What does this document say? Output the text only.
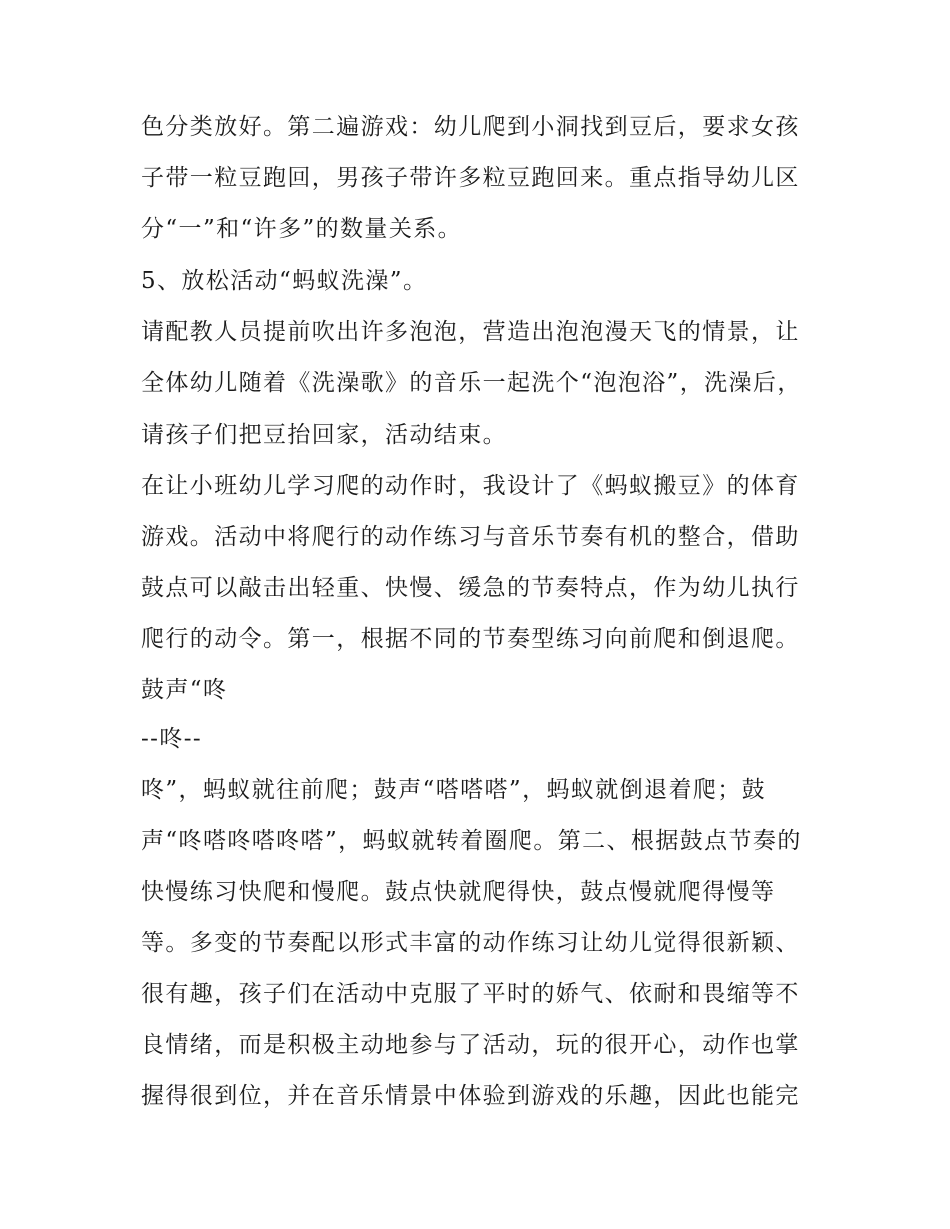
色分类放好。第二遍游戏：幼儿爬到小洞找到豆后，要求女孩
子带一粒豆跑回，男孩子带许多粒豆跑回来。重点指导幼儿区
分“一”和“许多”的数量关系。
5、放松活动“蚂蚁洗澡”。
请配教人员提前吹出许多泡泡，营造出泡泡漫天飞的情景，让
全体幼儿随着《洗澡歌》的音乐一起洗个“泡泡浴”，洗澡后，
请孩子们把豆抬回家，活动结束。
在让小班幼儿学习爬的动作时，我设计了《蚂蚁搬豆》的体育
游戏。活动中将爬行的动作练习与音乐节奏有机的整合，借助
鼓点可以敲击出轻重、快慢、缓急的节奏特点，作为幼儿执行
爬行的动令。第一，根据不同的节奏型练习向前爬和倒退爬。
鼓声“咚
--咚--
咚”，蚂蚁就往前爬；鼓声“嗒嗒嗒”，蚂蚁就倒退着爬；鼓
声“咚嗒咚嗒咚嗒”，蚂蚁就转着圈爬。第二、根据鼓点节奏的
快慢练习快爬和慢爬。鼓点快就爬得快，鼓点慢就爬得慢等
等。多变的节奏配以形式丰富的动作练习让幼儿觉得很新颖、
很有趣，孩子们在活动中克服了平时的娇气、依耐和畏缩等不
良情绪，而是积极主动地参与了活动，玩的很开心，动作也掌
握得很到位，并在音乐情景中体验到游戏的乐趣，因此也能完
